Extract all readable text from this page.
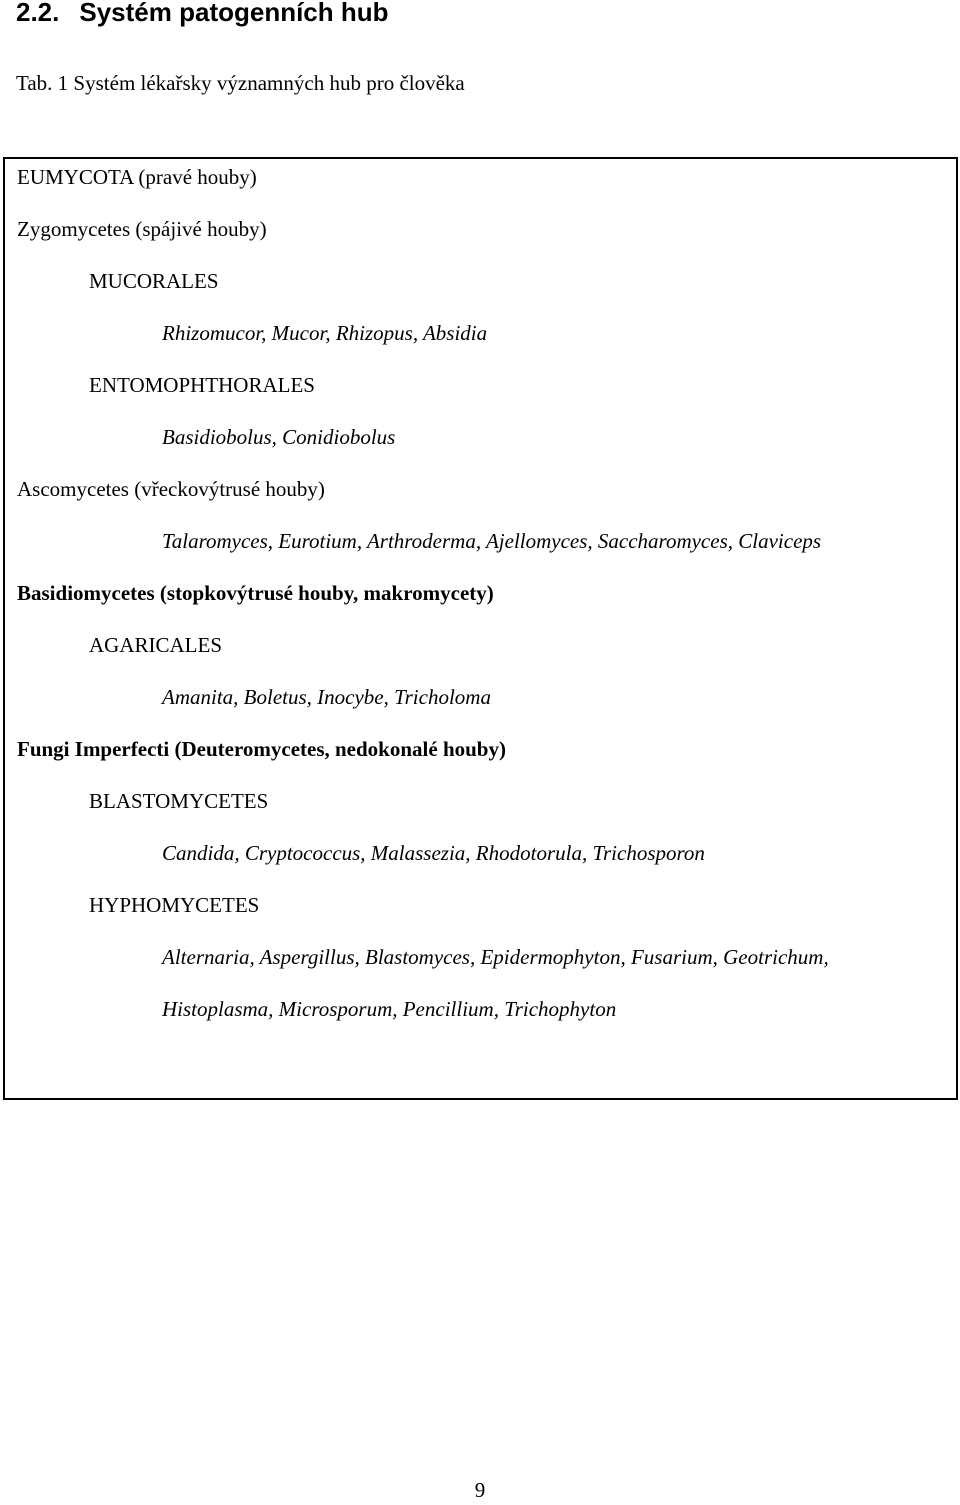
2.2. Systém patogenních hub
Tab. 1 Systém lékařsky významných hub pro člověka
EUMYCOTA (pravé houby)
Zygomycetes (spájivé houby)
MUCORALES
Rhizomucor, Mucor, Rhizopus, Absidia
ENTOMOPHTHORALES
Basidiobolus, Conidiobolus
Ascomycetes (vřeckovýtrusé houby)
Talaromyces, Eurotium, Arthroderma, Ajellomyces, Saccharomyces, Claviceps
Basidiomycetes (stopkovýtrusé houby, makromycety)
AGARICALES
Amanita, Boletus, Inocybe, Tricholoma
Fungi Imperfecti (Deuteromycetes, nedokonalé houby)
BLASTOMYCETES
Candida, Cryptococcus, Malassezia, Rhodotorula, Trichosporon
HYPHOMYCETES
Alternaria, Aspergillus, Blastomyces, Epidermophyton, Fusarium, Geotrichum,
Histoplasma, Microsporum, Pencillium, Trichophyton
9
